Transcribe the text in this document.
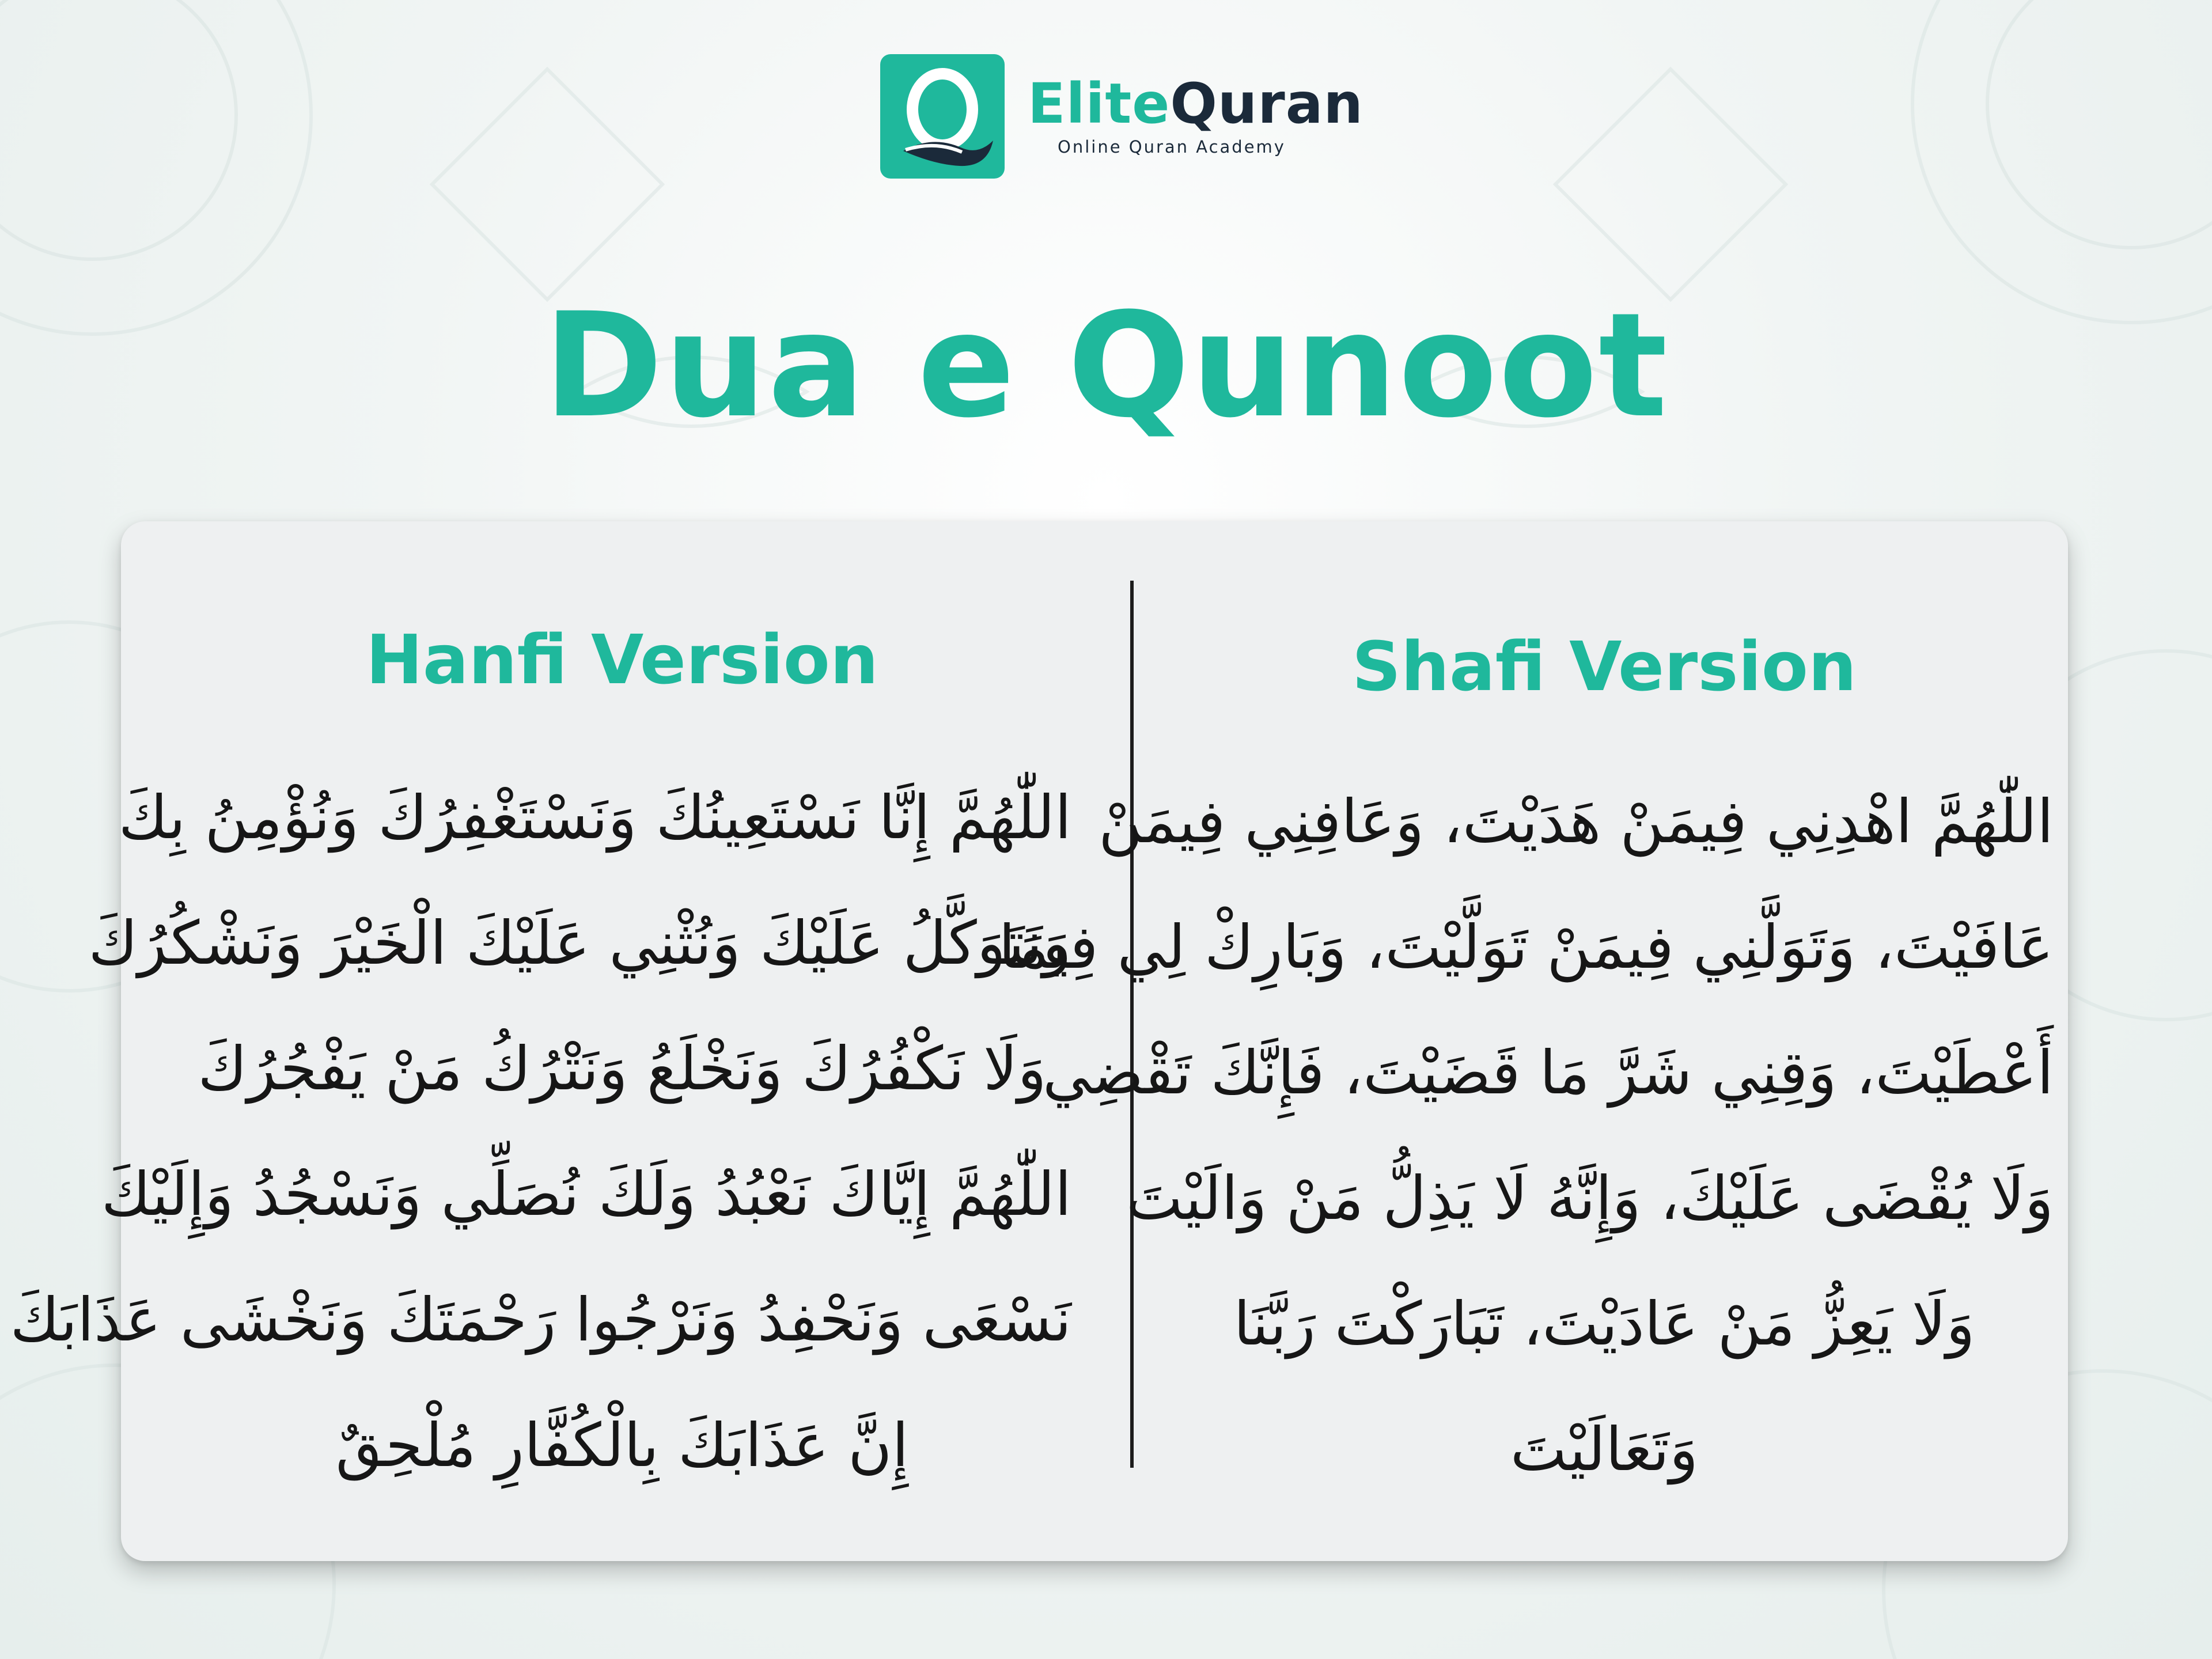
Elite Quran
Online Quran Academy
Dua e Qunoot
Hanfi Version
اللّٰهُمَّ إِنَّا نَسْتَعِينُكَ وَنَسْتَغْفِرُكَ وَنُؤْمِنُ بِكَ
وَنَتَوَكَّلُ عَلَيْكَ وَنُثْنِي عَلَيْكَ الْخَيْرَ وَنَشْكُرُكَ
وَلَا نَكْفُرُكَ وَنَخْلَعُ وَنَتْرُكُ مَنْ يَفْجُرُكَ
اللّٰهُمَّ إِيَّاكَ نَعْبُدُ وَلَكَ نُصَلِّي وَنَسْجُدُ وَإِلَيْكَ
نَسْعَى وَنَحْفِدُ وَنَرْجُوا رَحْمَتَكَ وَنَخْشَى عَذَابَكَ
إِنَّ عَذَابَكَ بِالْكُفَّارِ مُلْحِقٌ
Shafi Version
اللّٰهُمَّ اهْدِنِي فِيمَنْ هَدَيْتَ، وَعَافِنِي فِيمَنْ
عَافَيْتَ، وَتَوَلَّنِي فِيمَنْ تَوَلَّيْتَ، وَبَارِكْ لِي فِيمَا
أَعْطَيْتَ، وَقِنِي شَرَّ مَا قَضَيْتَ، فَإِنَّكَ تَقْضِي
وَلَا يُقْضَى عَلَيْكَ، وَإِنَّهُ لَا يَذِلُّ مَنْ وَالَيْتَ
وَلَا يَعِزُّ مَنْ عَادَيْتَ، تَبَارَكْتَ رَبَّنَا
وَتَعَالَيْتَ
